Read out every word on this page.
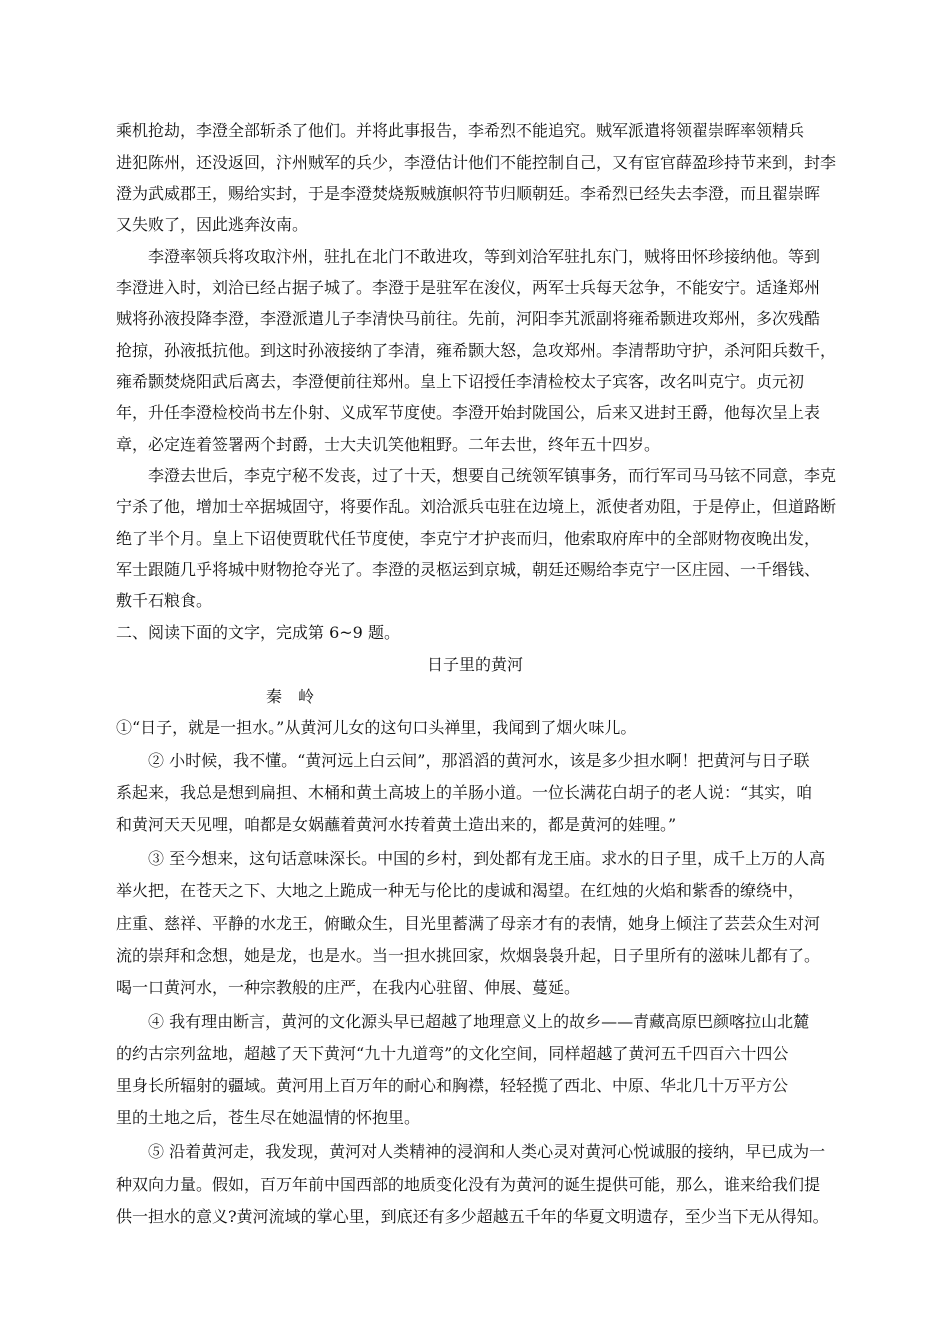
乘机抢劫，李澄全部斩杀了他们。并将此事报告，李希烈不能追究。贼军派遣将领翟崇晖率领精兵
进犯陈州，还没返回，汴州贼军的兵少，李澄估计他们不能控制自己，又有宦官薛盈珍持节来到，封李
澄为武威郡王，赐给实封，于是李澄焚烧叛贼旗帜符节归顺朝廷。李希烈已经失去李澄，而且翟崇晖
又失败了，因此逃奔汝南。
　　李澄率领兵将攻取汴州，驻扎在北门不敢进攻，等到刘洽军驻扎东门，贼将田怀珍接纳他。等到
李澄进入时，刘洽已经占据子城了。李澄于是驻军在浚仪，两军士兵每天忿争，不能安宁。适逢郑州
贼将孙液投降李澄，李澄派遣儿子李清快马前往。先前，河阳李艽派副将雍希颢进攻郑州，多次残酷
抢掠，孙液抵抗他。到这时孙液接纳了李清，雍希颢大怒，急攻郑州。李清帮助守护，杀河阳兵数千，
雍希颢焚烧阳武后离去，李澄便前往郑州。皇上下诏授任李清检校太子宾客，改名叫克宁。贞元初
年，升任李澄检校尚书左仆射、义成军节度使。李澄开始封陇国公，后来又进封王爵，他每次呈上表
章，必定连着签署两个封爵，士大夫讥笑他粗野。二年去世，终年五十四岁。
　　李澄去世后，李克宁秘不发丧，过了十天，想要自己统领军镇事务，而行军司马马铉不同意，李克
宁杀了他，增加士卒据城固守，将要作乱。刘洽派兵屯驻在边境上，派使者劝阻，于是停止，但道路断
绝了半个月。皇上下诏使贾耽代任节度使，李克宁才护丧而归，他索取府库中的全部财物夜晚出发，
军士跟随几乎将城中财物抢夺光了。李澄的灵柩运到京城，朝廷还赐给李克宁一区庄园、一千缗钱、
敷千石粮食。
二、阅读下面的文字，完成第 6~9 题。
日子里的黄河
秦　岭
①“日子，就是一担水。”从黄河儿女的这句口头禅里，我闻到了烟火味儿。
　　② 小时候，我不懂。“黄河远上白云间”，那滔滔的黄河水，该是多少担水啊！把黄河与日子联
系起来，我总是想到扁担、木桶和黄土高坡上的羊肠小道。一位长满花白胡子的老人说：“其实，咱
和黄河天天见哩，咱都是女娲蘸着黄河水抟着黄土造出来的，都是黄河的娃哩。”
　　③ 至今想来，这句话意味深长。中国的乡村，到处都有龙王庙。求水的日子里，成千上万的人高
举火把，在苍天之下、大地之上跪成一种无与伦比的虔诚和渴望。在红烛的火焰和紫香的缭绕中，
庄重、慈祥、平静的水龙王，俯瞰众生，目光里蓄满了母亲才有的表情，她身上倾注了芸芸众生对河
流的崇拜和念想，她是龙，也是水。当一担水挑回家，炊烟袅袅升起，日子里所有的滋味儿都有了。
喝一口黄河水，一种宗教般的庄严，在我内心驻留、伸展、蔓延。
　　④ 我有理由断言，黄河的文化源头早已超越了地理意义上的故乡——青藏高原巴颜喀拉山北麓
的约古宗列盆地，超越了天下黄河“九十九道弯”的文化空间，同样超越了黄河五千四百六十四公
里身长所辐射的疆域。黄河用上百万年的耐心和胸襟，轻轻揽了西北、中原、华北几十万平方公
里的土地之后，苍生尽在她温情的怀抱里。
　　⑤ 沿着黄河走，我发现，黄河对人类精神的浸润和人类心灵对黄河心悦诚服的接纳，早已成为一
种双向力量。假如，百万年前中国西部的地质变化没有为黄河的诞生提供可能，那么，谁来给我们提
供一担水的意义?黄河流域的掌心里，到底还有多少超越五千年的华夏文明遗存，至少当下无从得知。
